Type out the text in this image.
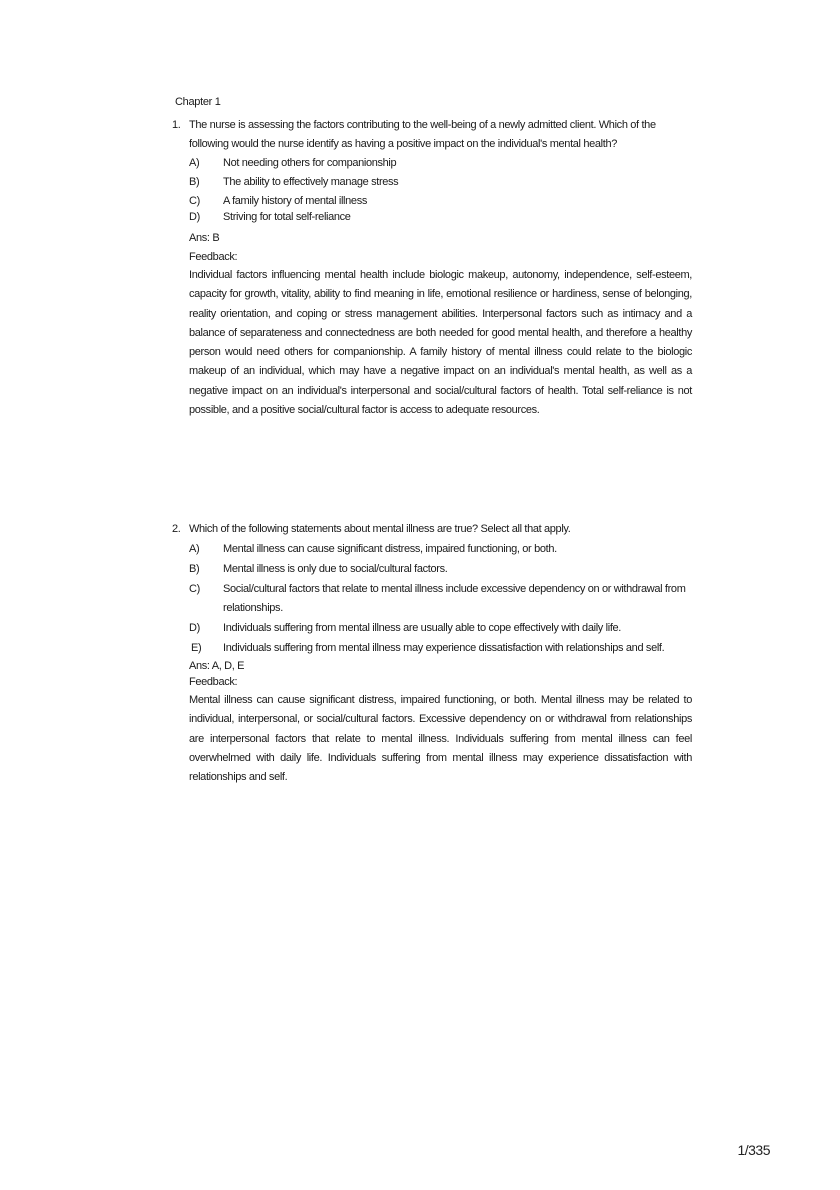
Chapter 1
1. The nurse is assessing the factors contributing to the well-being of a newly admitted client. Which of the following would the nurse identify as having a positive impact on the individual's mental health?
A) Not needing others for companionship
B) The ability to effectively manage stress
C) A family history of mental illness
D) Striving for total self-reliance
Ans: B
Feedback:
Individual factors influencing mental health include biologic makeup, autonomy, independence, self-esteem, capacity for growth, vitality, ability to find meaning in life, emotional resilience or hardiness, sense of belonging, reality orientation, and coping or stress management abilities. Interpersonal factors such as intimacy and a balance of separateness and connectedness are both needed for good mental health, and therefore a healthy person would need others for companionship. A family history of mental illness could relate to the biologic makeup of an individual, which may have a negative impact on an individual's mental health, as well as a negative impact on an individual's interpersonal and social/cultural factors of health. Total self-reliance is not possible, and a positive social/cultural factor is access to adequate resources.
2. Which of the following statements about mental illness are true? Select all that apply.
A) Mental illness can cause significant distress, impaired functioning, or both.
B) Mental illness is only due to social/cultural factors.
C) Social/cultural factors that relate to mental illness include excessive dependency on or withdrawal from relationships.
D) Individuals suffering from mental illness are usually able to cope effectively with daily life.
E) Individuals suffering from mental illness may experience dissatisfaction with relationships and self.
Ans: A, D, E
Feedback:
Mental illness can cause significant distress, impaired functioning, or both. Mental illness may be related to individual, interpersonal, or social/cultural factors. Excessive dependency on or withdrawal from relationships are interpersonal factors that relate to mental illness. Individuals suffering from mental illness can feel overwhelmed with daily life. Individuals suffering from mental illness may experience dissatisfaction with relationships and self.
1/335
